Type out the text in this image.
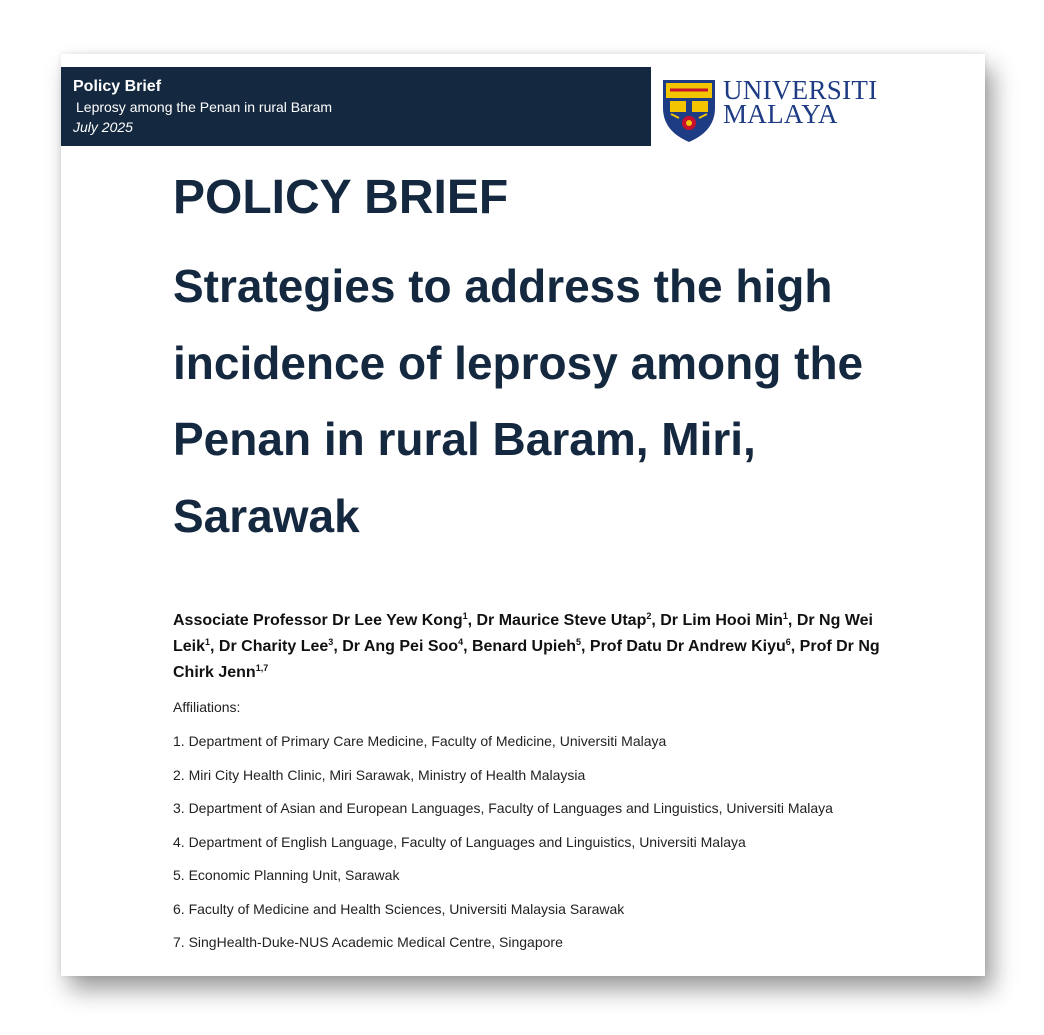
Policy Brief
Leprosy among the Penan in rural Baram
July 2025
UNIVERSITI
MALAYA
POLICY BRIEF
Strategies to address the high incidence of leprosy among the Penan in rural Baram, Miri, Sarawak

Associate Professor Dr Lee Yew Kong$^1$, Dr Maurice Steve Utap$^2$, Dr Lim Hooi Min$^1$, Dr Ng Wei Leik$^1$, Dr Charity Lee$^3$, Dr Ang Pei Soo$^4$, Benard Upieh$^5$, Prof Datu Dr Andrew Kiyu$^6$, Prof Dr Ng Chirk Jenn$^{1,7}$

Affiliations:

1. Department of Primary Care Medicine, Faculty of Medicine, Universiti Malaya
2. Miri City Health Clinic, Miri Sarawak, Ministry of Health Malaysia
3. Department of Asian and European Languages, Faculty of Languages and Linguistics, Universiti Malaya
4. Department of English Language, Faculty of Languages and Linguistics, Universiti Malaya
5. Economic Planning Unit, Sarawak
6. Faculty of Medicine and Health Sciences, Universiti Malaysia Sarawak
7. SingHealth-Duke-NUS Academic Medical Centre, Singapore
